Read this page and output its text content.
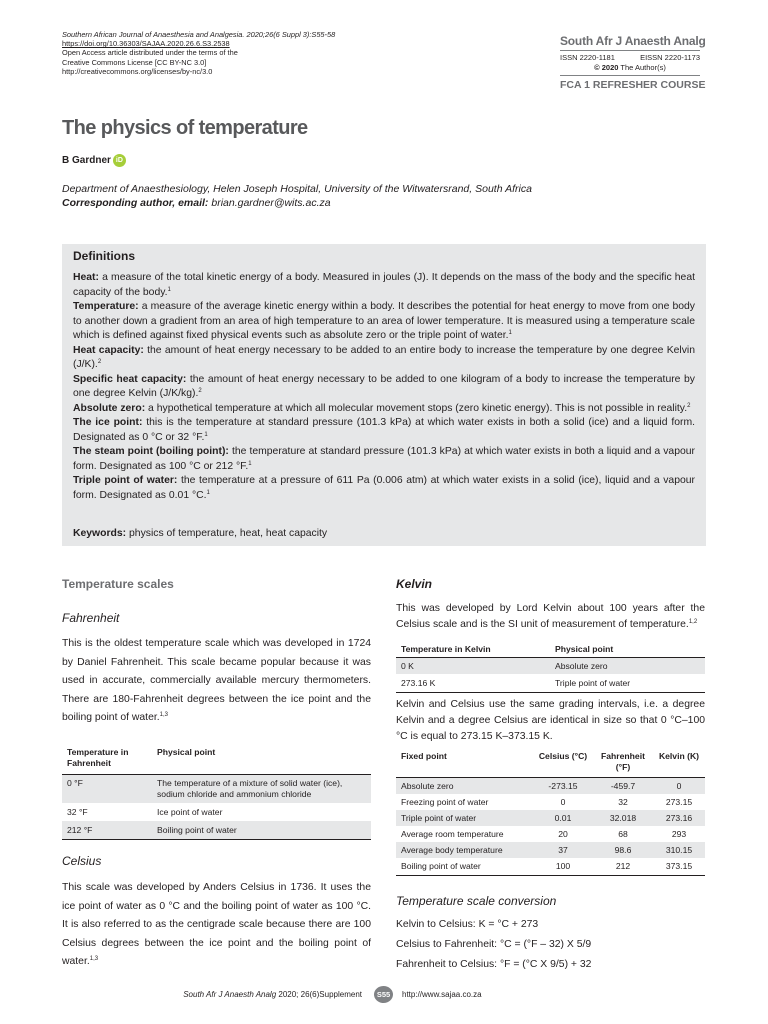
Southern African Journal of Anaesthesia and Analgesia. 2020;26(6 Suppl 3):S55-58
https://doi.org/10.36303/SAJAA.2020.26.6.S3.2538
Open Access article distributed under the terms of the
Creative Commons License [CC BY-NC 3.0]
http://creativecommons.org/licenses/by-nc/3.0
South Afr J Anaesth Analg
ISSN 2220-1181	EISSN 2220-1173
© 2020 The Author(s)
FCA 1 REFRESHER COURSE
The physics of temperature
B Gardner iD
Department of Anaesthesiology, Helen Joseph Hospital, University of the Witwatersrand, South Africa
Corresponding author, email: brian.gardner@wits.ac.za
Definitions

Heat: a measure of the total kinetic energy of a body. Measured in joules (J). It depends on the mass of the body and the specific heat capacity of the body.$^1$

Temperature: a measure of the average kinetic energy within a body. It describes the potential for heat energy to move from one body to another down a gradient from an area of high temperature to an area of lower temperature. It is measured using a temperature scale which is defined against fixed physical events such as absolute zero or the triple point of water.$^1$

Heat capacity: the amount of heat energy necessary to be added to an entire body to increase the temperature by one degree Kelvin (J/K).$^2$

Specific heat capacity: the amount of heat energy necessary to be added to one kilogram of a body to increase the temperature by one degree Kelvin (J/K/kg).$^2$

Absolute zero: a hypothetical temperature at which all molecular movement stops (zero kinetic energy). This is not possible in reality.$^2$

The ice point: this is the temperature at standard pressure (101.3 kPa) at which water exists in both a solid (ice) and a liquid form. Designated as 0 °C or 32 °F.$^1$

The steam point (boiling point): the temperature at standard pressure (101.3 kPa) at which water exists in both a liquid and a vapour form. Designated as 100 °C or 212 °F.$^1$

Triple point of water: the temperature at a pressure of 611 Pa (0.006 atm) at which water exists in a solid (ice), liquid and a vapour form. Designated as 0.01 °C.$^1$

Keywords: physics of temperature, heat, heat capacity
Temperature scales
Fahrenheit
This is the oldest temperature scale which was developed in 1724 by Daniel Fahrenheit. This scale became popular because it was used in accurate, commercially available mercury thermometers. There are 180-Fahrenheit degrees between the ice point and the boiling point of water.$^{1,3}$
Temperature in Fahrenheit	Physical point
0 °F	The temperature of a mixture of solid water (ice), sodium chloride and ammonium chloride
32 °F	Ice point of water
212 °F	Boiling point of water
Celsius
This scale was developed by Anders Celsius in 1736. It uses the ice point of water as 0 °C and the boiling point of water as 100 °C. It is also referred to as the centigrade scale because there are 100 Celsius degrees between the ice point and the boiling point of water.$^{1,3}$
Kelvin
This was developed by Lord Kelvin about 100 years after the Celsius scale and is the SI unit of measurement of temperature.$^{1,2}$
Temperature in Kelvin	Physical point
0 K	Absolute zero
273.16 K	Triple point of water
Kelvin and Celsius use the same grading intervals, i.e. a degree Kelvin and a degree Celsius are identical in size so that 0 °C–100 °C is equal to 273.15 K–373.15 K.
Fixed point	Celsius (°C)	Fahrenheit (°F)	Kelvin (K)
Absolute zero	-273.15	-459.7	0
Freezing point of water	0	32	273.15
Triple point of water	0.01	32.018	273.16
Average room temperature	20	68	293
Average body temperature	37	98.6	310.15
Boiling point of water	100	212	373.15
Temperature scale conversion
Kelvin to Celsius: K = °C + 273
Celsius to Fahrenheit: °C = (°F – 32) X 5/9
Fahrenheit to Celsius: °F = (°C X 9/5) + 32
South Afr J Anaesth Analg 2020; 26(6)Supplement	S55	http://www.sajaa.co.za
